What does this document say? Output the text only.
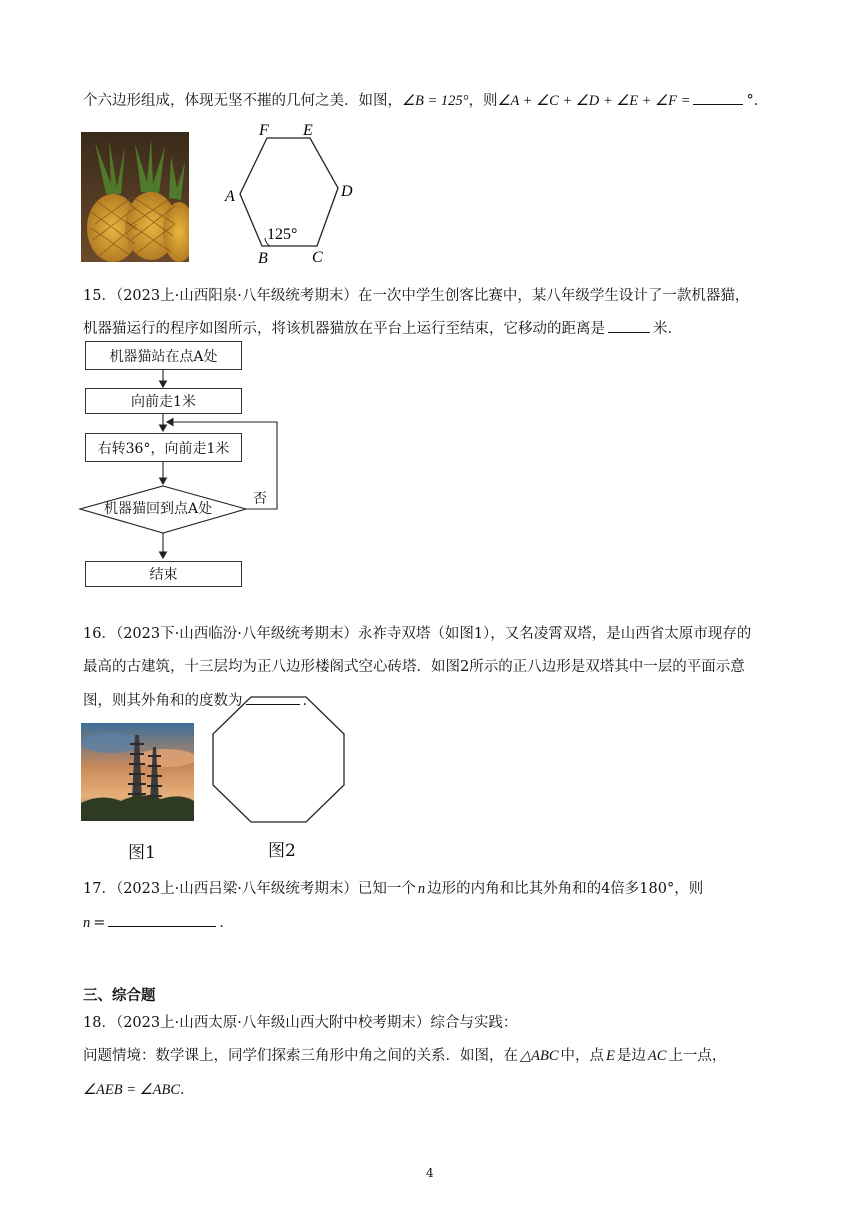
个六边形组成，体现无坚不摧的几何之美．如图，∠B = 125°，则∠A + ∠C + ∠D + ∠E + ∠F =	°．
F E
A	D
B	C
125°
15．（2023上·山西阳泉·八年级统考期末）在一次中学生创客比赛中，某八年级学生设计了一款机器猫，
机器猫运行的程序如图所示，将该机器猫放在平台上运行至结束，它移动的距离是	米．
机器猫站在点A处
向前走1米
右转36°，向前走1米
机器猫回到点A处
否
结束
16．（2023下·山西临汾·八年级统考期末）永祚寺双塔（如图1），又名凌霄双塔，是山西省太原市现存的
最高的古建筑，十三层均为正八边形楼阁式空心砖塔．如图2所示的正八边形是双塔其中一层的平面示意
图，则其外角和的度数为	．
图1	图2
17．（2023上·山西吕梁·八年级统考期末）已知一个 n 边形的内角和比其外角和的4倍多180°，则
n =	．
三、综合题
18．（2023上·山西太原·八年级山西大附中校考期末）综合与实践：
问题情境：数学课上，同学们探索三角形中角之间的关系．如图，在 △ABC 中，点 E 是边 AC 上一点，
∠AEB = ∠ABC．
4
